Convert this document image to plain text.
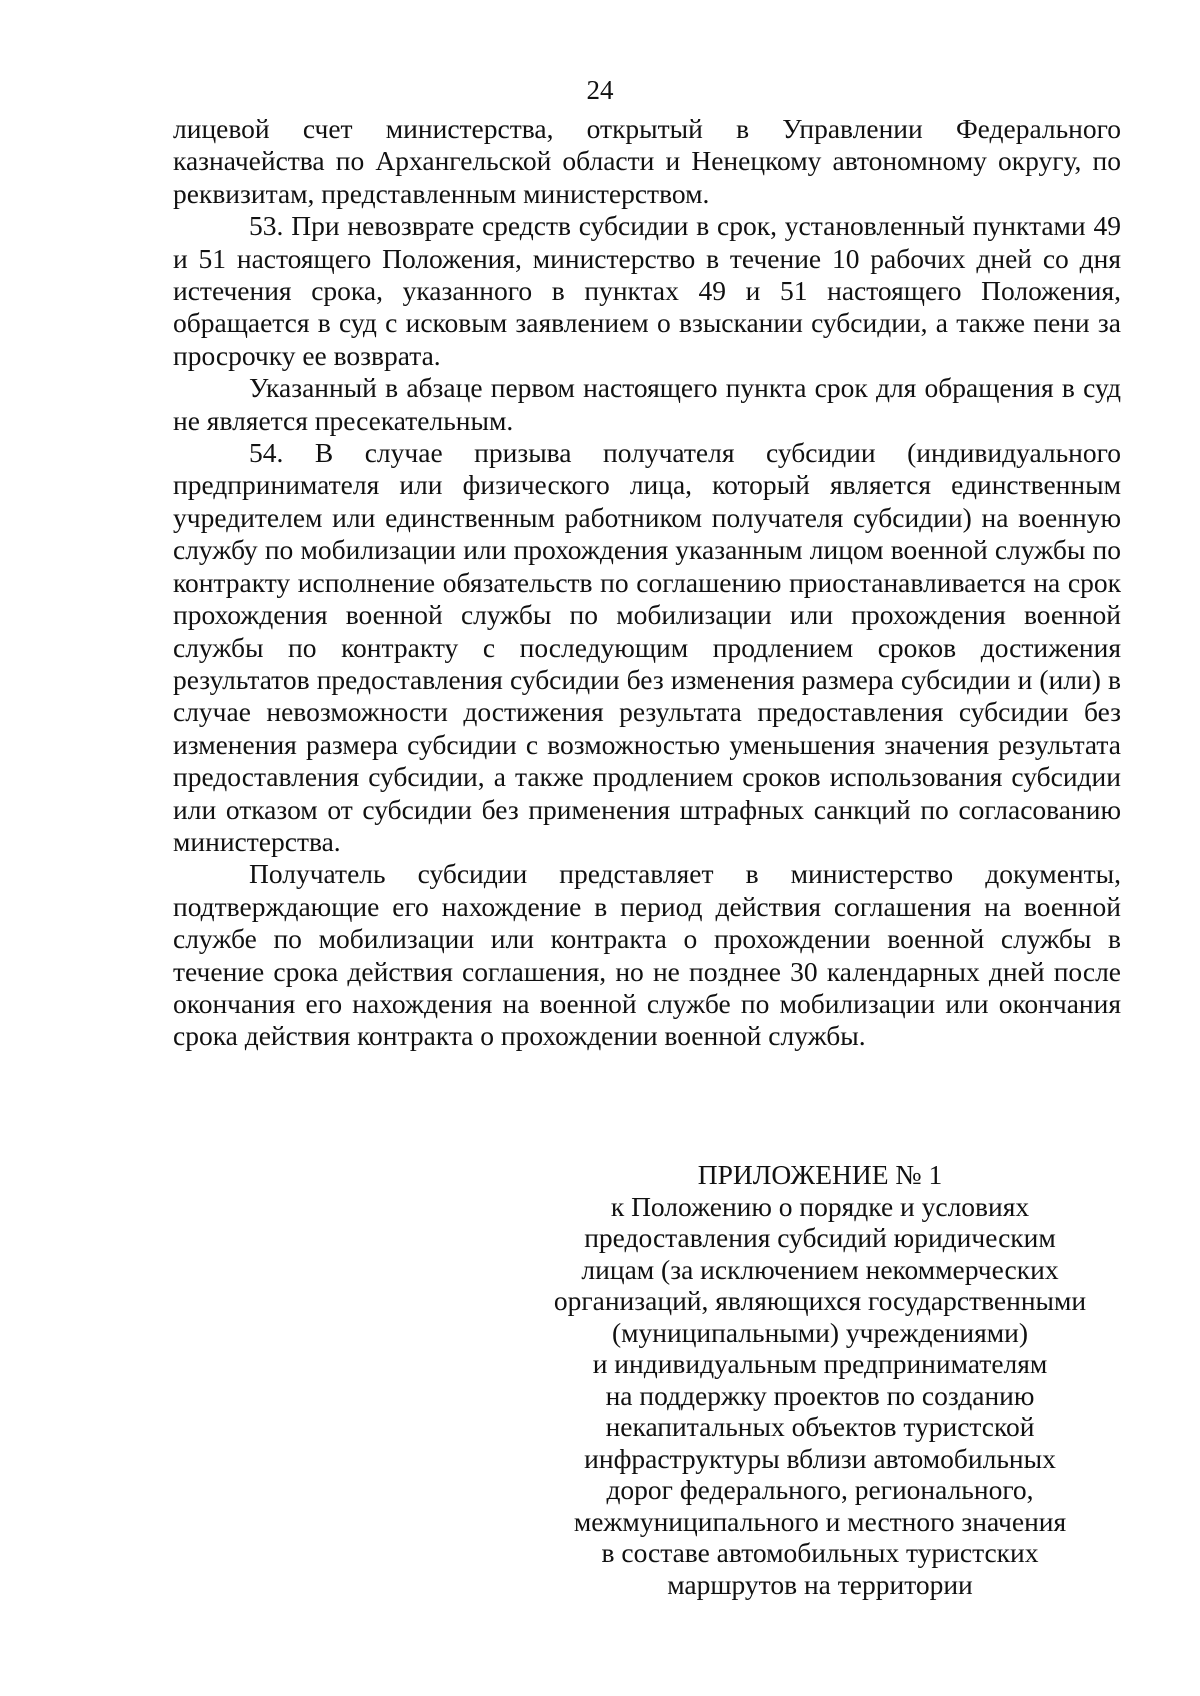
24

лицевой счет министерства, открытый в Управлении Федерального казначейства по Архангельской области и Ненецкому автономному округу, по реквизитам, представленным министерством.

53. При невозврате средств субсидии в срок, установленный пунктами 49 и 51 настоящего Положения, министерство в течение 10 рабочих дней со дня истечения срока, указанного в пунктах 49 и 51 настоящего Положения, обращается в суд с исковым заявлением о взыскании субсидии, а также пени за просрочку ее возврата.

Указанный в абзаце первом настоящего пункта срок для обращения в суд не является пресекательным.

54. В случае призыва получателя субсидии (индивидуального предпринимателя или физического лица, который является единственным учредителем или единственным работником получателя субсидии) на военную службу по мобилизации или прохождения указанным лицом военной службы по контракту исполнение обязательств по соглашению приостанавливается на срок прохождения военной службы по мобилизации или прохождения военной службы по контракту с последующим продлением сроков достижения результатов предоставления субсидии без изменения размера субсидии и (или) в случае невозможности достижения результата предоставления субсидии без изменения размера субсидии с возможностью уменьшения значения результата предоставления субсидии, а также продлением сроков использования субсидии или отказом от субсидии без применения штрафных санкций по согласованию министерства.

Получатель субсидии представляет в министерство документы, подтверждающие его нахождение в период действия соглашения на военной службе по мобилизации или контракта о прохождении военной службы в течение срока действия соглашения, но не позднее 30 календарных дней после окончания его нахождения на военной службе по мобилизации или окончания срока действия контракта о прохождении военной службы.

ПРИЛОЖЕНИЕ № 1

к Положению о порядке и условиях
предоставления субсидий юридическим
лицам (за исключением некоммерческих
организаций, являющихся государственными
(муниципальными) учреждениями)
и индивидуальным предпринимателям
на поддержку проектов по созданию
некапитальных объектов туристской
инфраструктуры вблизи автомобильных
дорог федерального, регионального,
межмуниципального и местного значения
в составе автомобильных туристских
маршрутов на территории
